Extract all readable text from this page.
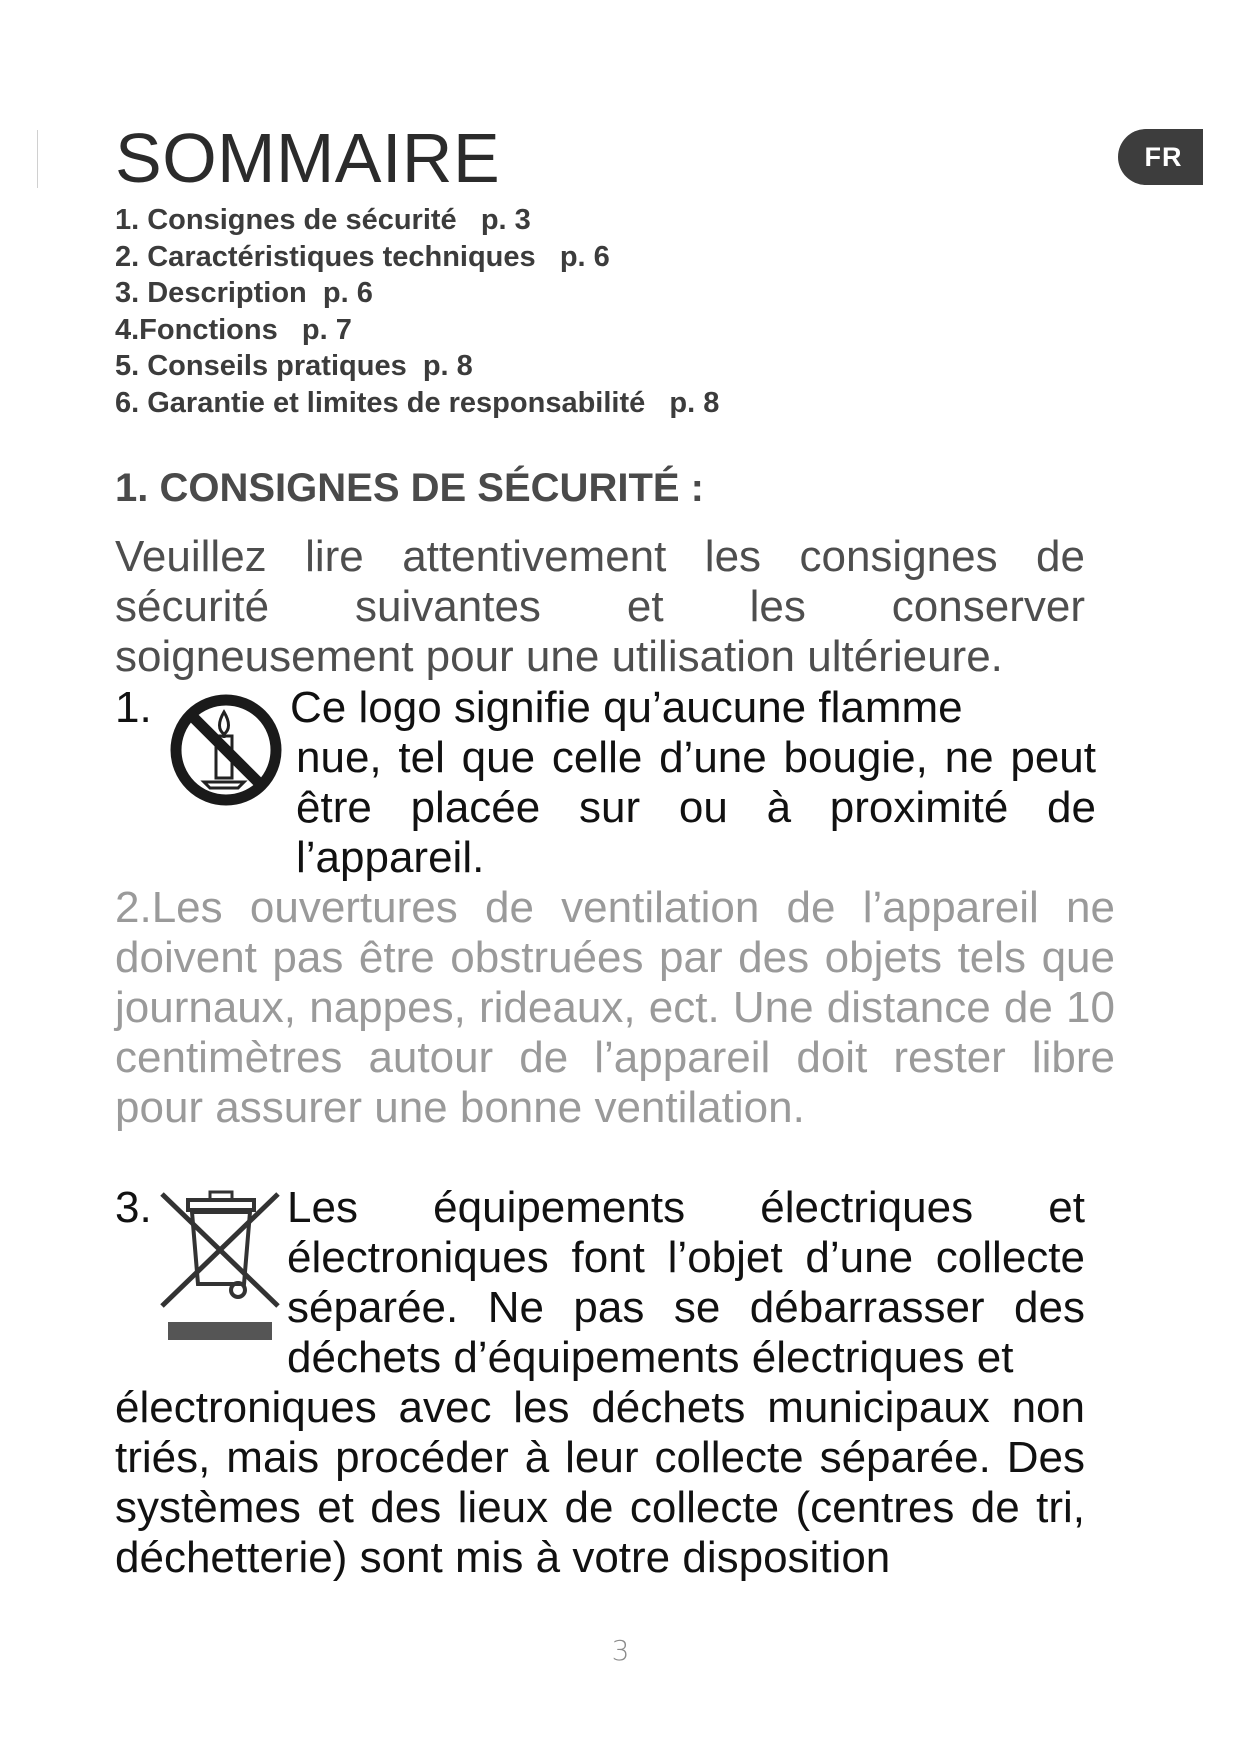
SOMMAIRE	FR
1. Consignes de sécurité   p. 3
2. Caractéristiques techniques   p. 6
3. Description  p. 6
4.Fonctions   p. 7
5. Conseils pratiques  p. 8
6. Garantie et limites de responsabilité   p. 8
1. CONSIGNES DE SÉCURITÉ :

Veuillez lire attentivement les consignes de sécurité suivantes et les conserver soigneusement pour une utilisation ultérieure.

1.	Ce logo signifie qu’aucune flamme

nue, tel que celle d’une bougie, ne peut être placée sur ou à proximité de l’appareil.

2.Les ouvertures de ventilation de l’appareil ne doivent pas être obstruées par des objets tels que journaux, nappes, rideaux, ect. Une distance de 10 centimètres autour de l’appareil doit rester libre pour assurer une bonne ventilation.

3.	Les équipements électriques et électroniques font l’objet d’une collecte séparée. Ne pas se débarrasser des déchets d’équipements électriques et

électroniques avec les déchets municipaux non triés, mais procéder à leur collecte séparée. Des systèmes et des lieux de collecte (centres de tri, déchetterie) sont mis à votre disposition

3
